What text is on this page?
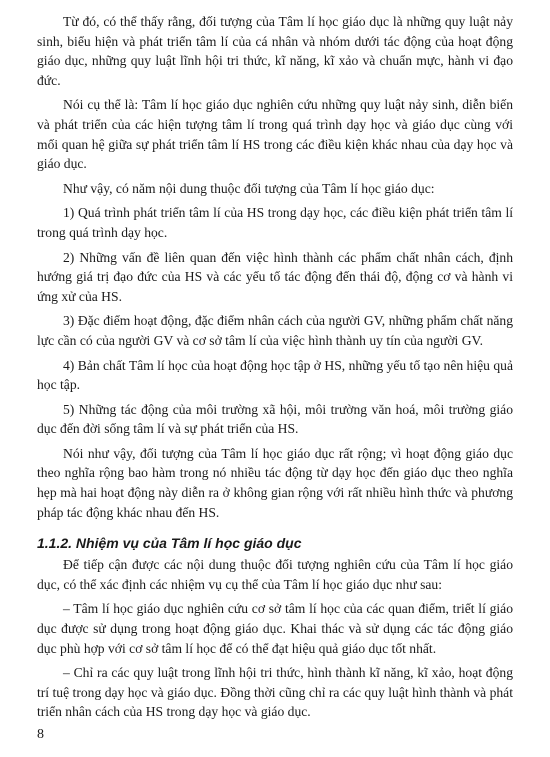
Từ đó, có thể thấy rằng, đối tượng của Tâm lí học giáo dục là những quy luật nảy sinh, biểu hiện và phát triển tâm lí của cá nhân và nhóm dưới tác động của hoạt động giáo dục, những quy luật lĩnh hội tri thức, kĩ năng, kĩ xảo và chuẩn mực, hành vi đạo đức.

Nói cụ thể là: Tâm lí học giáo dục nghiên cứu những quy luật nảy sinh, diễn biến và phát triển của các hiện tượng tâm lí trong quá trình dạy học và giáo dục cùng với mối quan hệ giữa sự phát triển tâm lí HS trong các điều kiện khác nhau của dạy học và giáo dục.

Như vậy, có năm nội dung thuộc đối tượng của Tâm lí học giáo dục:

1) Quá trình phát triển tâm lí của HS trong dạy học, các điều kiện phát triển tâm lí trong quá trình dạy học.

2) Những vấn đề liên quan đến việc hình thành các phẩm chất nhân cách, định hướng giá trị đạo đức của HS và các yếu tố tác động đến thái độ, động cơ và hành vi ứng xử của HS.

3) Đặc điểm hoạt động, đặc điểm nhân cách của người GV, những phẩm chất năng lực cần có của người GV và cơ sở tâm lí của việc hình thành uy tín của người GV.

4) Bản chất Tâm lí học của hoạt động học tập ở HS, những yếu tố tạo nên hiệu quả học tập.

5) Những tác động của môi trường xã hội, môi trường văn hoá, môi trường giáo dục đến đời sống tâm lí và sự phát triển của HS.

Nói như vậy, đối tượng của Tâm lí học giáo dục rất rộng; vì hoạt động giáo dục theo nghĩa rộng bao hàm trong nó nhiều tác động từ dạy học đến giáo dục theo nghĩa hẹp mà hai hoạt động này diễn ra ở không gian rộng với rất nhiều hình thức và phương pháp tác động khác nhau đến HS.

1.1.2. Nhiệm vụ của Tâm lí học giáo dục

Để tiếp cận được các nội dung thuộc đối tượng nghiên cứu của Tâm lí học giáo dục, có thể xác định các nhiệm vụ cụ thể của Tâm lí học giáo dục như sau:

– Tâm lí học giáo dục nghiên cứu cơ sở tâm lí học của các quan điểm, triết lí giáo dục được sử dụng trong hoạt động giáo dục. Khai thác và sử dụng các tác động giáo dục phù hợp với cơ sở tâm lí học để có thể đạt hiệu quả giáo dục tốt nhất.

– Chỉ ra các quy luật trong lĩnh hội tri thức, hình thành kĩ năng, kĩ xảo, hoạt động trí tuệ trong dạy học và giáo dục. Đồng thời cũng chỉ ra các quy luật hình thành và phát triển nhân cách của HS trong dạy học và giáo dục.

8
